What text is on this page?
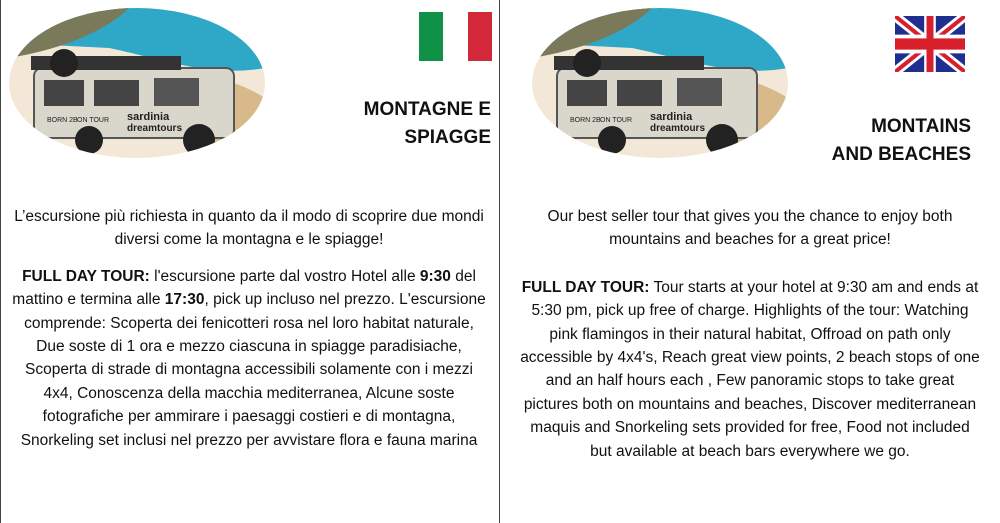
BORN 2B ON TOUR sardinia
dreamtours
MONTAGNE E
SPIAGGE

L’escursione più richiesta in quanto da il modo di scoprire due mondi diversi come la montagna e le spiagge!

FULL DAY TOUR: l'escursione parte dal vostro Hotel alle 9:30 del mattino e termina alle 17:30, pick up incluso nel prezzo. L'escursione comprende: Scoperta dei fenicotteri rosa nel loro habitat naturale, Due soste di 1 ora e mezzo ciascuna in spiagge paradisiache, Scoperta di strade di montagna accessibili solamente con i mezzi 4x4, Conoscenza della macchia mediterranea, Alcune soste fotografiche per ammirare i paesaggi costieri e di montagna, Snorkeling set inclusi nel prezzo per avvistare flora e fauna marina

BORN 2B ON TOUR sardinia
dreamtours	MONTAINS
AND BEACHES

Our best seller tour that gives you the chance to enjoy both mountains and beaches for a great price!

FULL DAY TOUR: Tour starts at your hotel at 9:30 am and ends at 5:30 pm, pick up free of charge. Highlights of the tour: Watching pink flamingos in their natural habitat, Offroad on path only accessible by 4x4's, Reach great view points, 2 beach stops of one and an half hours each , Few panoramic stops to take great pictures both on mountains and beaches, Discover mediterranean maquis and Snorkeling sets provided for free, Food not included but available at beach bars everywhere we go.
